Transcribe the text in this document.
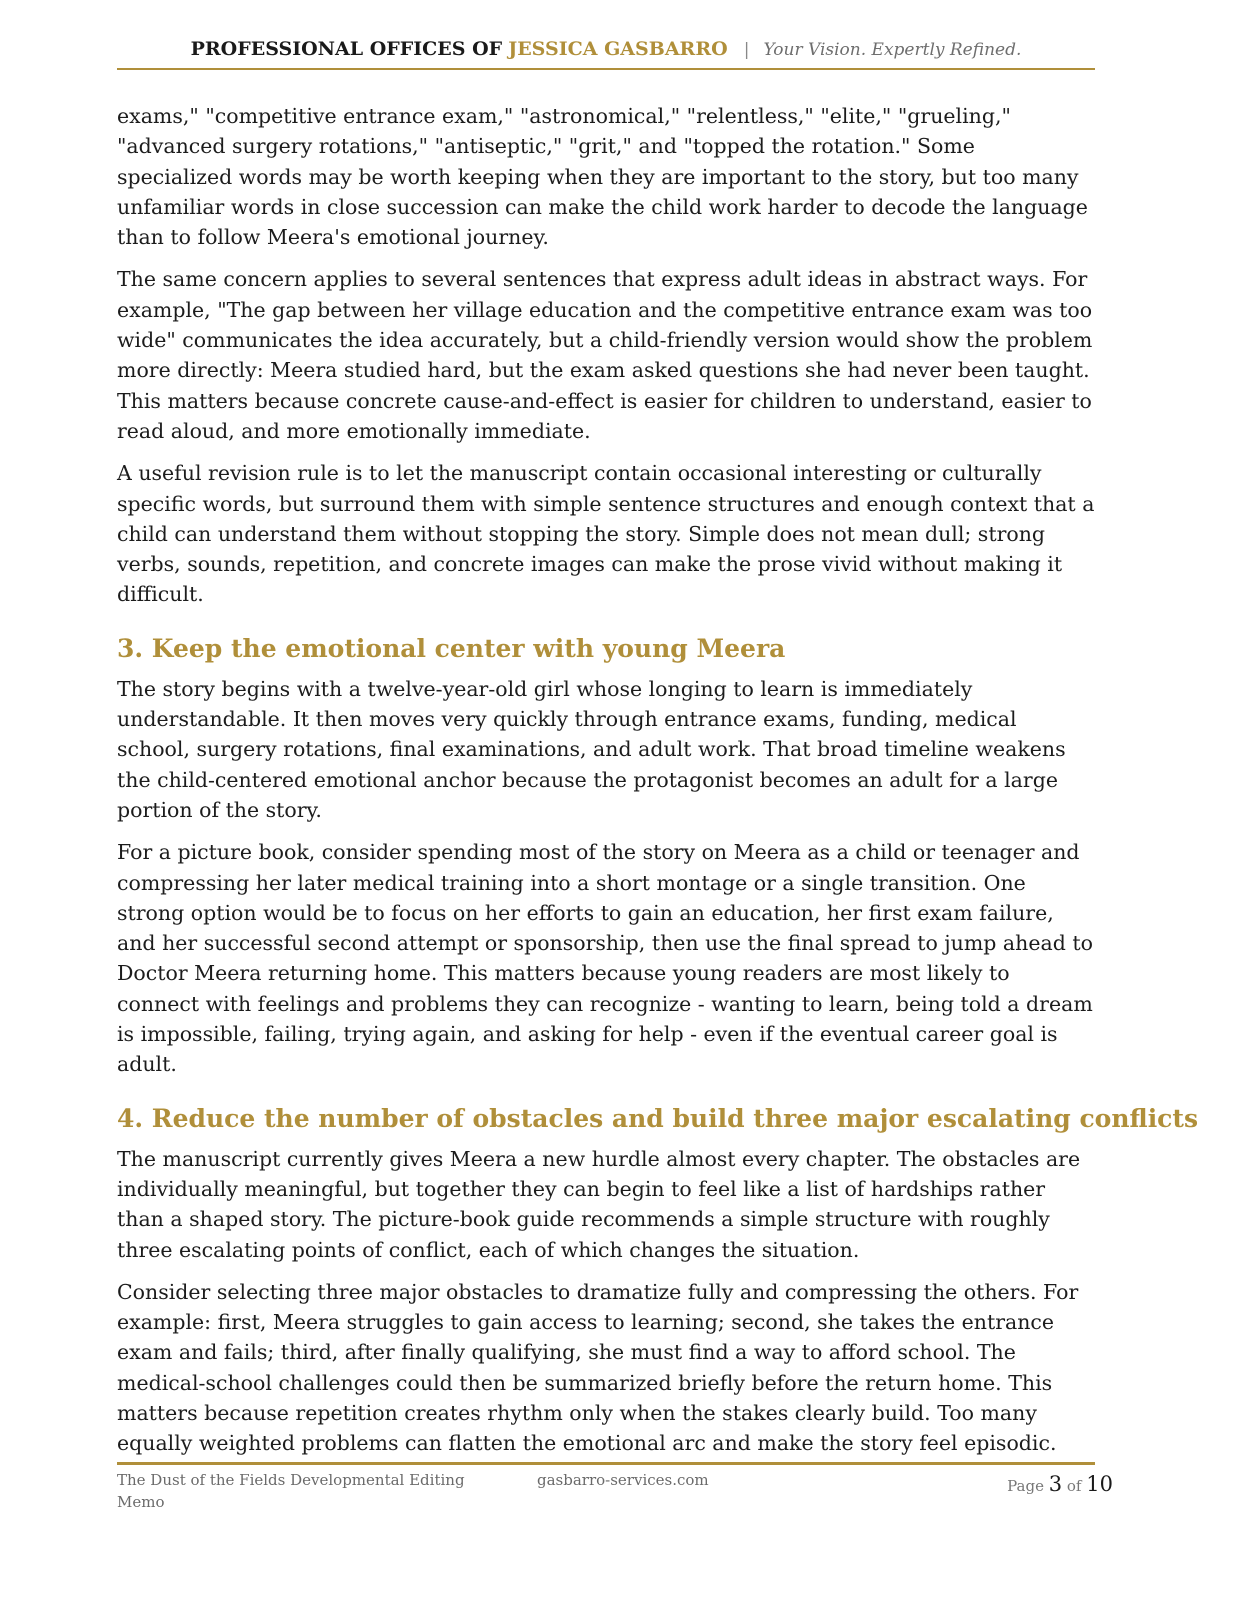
PROFESSIONAL OFFICES OF JESSICA GASBARRO | Your Vision. Expertly Refined.

exams," "competitive entrance exam," "astronomical," "relentless," "elite," "grueling," "advanced surgery rotations," "antiseptic," "grit," and "topped the rotation." Some specialized words may be worth keeping when they are important to the story, but too many unfamiliar words in close succession can make the child work harder to decode the language than to follow Meera's emotional journey.

The same concern applies to several sentences that express adult ideas in abstract ways. For example, "The gap between her village education and the competitive entrance exam was too wide" communicates the idea accurately, but a child-friendly version would show the problem more directly: Meera studied hard, but the exam asked questions she had never been taught. This matters because concrete cause-and-effect is easier for children to understand, easier to read aloud, and more emotionally immediate.

A useful revision rule is to let the manuscript contain occasional interesting or culturally specific words, but surround them with simple sentence structures and enough context that a child can understand them without stopping the story. Simple does not mean dull; strong verbs, sounds, repetition, and concrete images can make the prose vivid without making it difficult.

3. Keep the emotional center with young Meera

The story begins with a twelve-year-old girl whose longing to learn is immediately understandable. It then moves very quickly through entrance exams, funding, medical school, surgery rotations, final examinations, and adult work. That broad timeline weakens the child-centered emotional anchor because the protagonist becomes an adult for a large portion of the story.

For a picture book, consider spending most of the story on Meera as a child or teenager and compressing her later medical training into a short montage or a single transition. One strong option would be to focus on her efforts to gain an education, her first exam failure, and her successful second attempt or sponsorship, then use the final spread to jump ahead to Doctor Meera returning home. This matters because young readers are most likely to connect with feelings and problems they can recognize - wanting to learn, being told a dream is impossible, failing, trying again, and asking for help - even if the eventual career goal is adult.

4. Reduce the number of obstacles and build three major escalating conflicts

The manuscript currently gives Meera a new hurdle almost every chapter. The obstacles are individually meaningful, but together they can begin to feel like a list of hardships rather than a shaped story. The picture-book guide recommends a simple structure with roughly three escalating points of conflict, each of which changes the situation.

Consider selecting three major obstacles to dramatize fully and compressing the others. For example: first, Meera struggles to gain access to learning; second, she takes the entrance exam and fails; third, after finally qualifying, she must find a way to afford school. The medical-school challenges could then be summarized briefly before the return home. This matters because repetition creates rhythm only when the stakes clearly build. Too many equally weighted problems can flatten the emotional arc and make the story feel episodic.

The Dust of the Fields Developmental Editing Memo
gasbarro-services.com	Page 3 of 10
